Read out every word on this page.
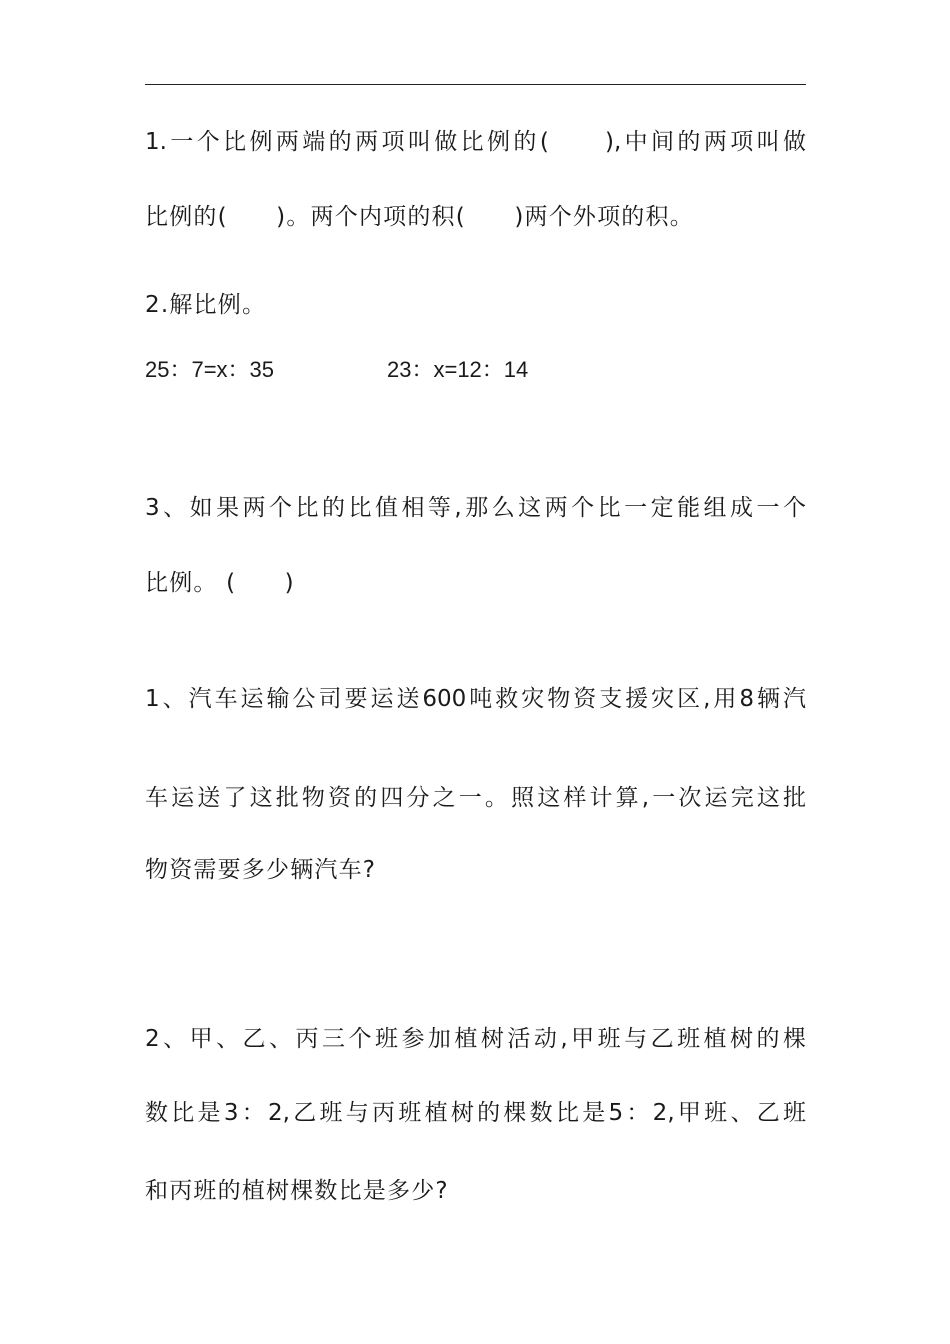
1.一个比例两端的两项叫做比例的(　　),中间的两项叫做
比例的(　　)。两个内项的积(　　)两个外项的积。
2.解比例。
25：7=x：35	23：x=12：14
3、如果两个比的比值相等,那么这两个比一定能组成一个
比例。 (　　)
1、汽车运输公司要运送600吨救灾物资支援灾区,用8辆汽
车运送了这批物资的四分之一。照这样计算,一次运完这批
物资需要多少辆汽车?
2、甲、乙、丙三个班参加植树活动,甲班与乙班植树的棵
数比是3：2,乙班与丙班植树的棵数比是5：2,甲班、乙班
和丙班的植树棵数比是多少?
